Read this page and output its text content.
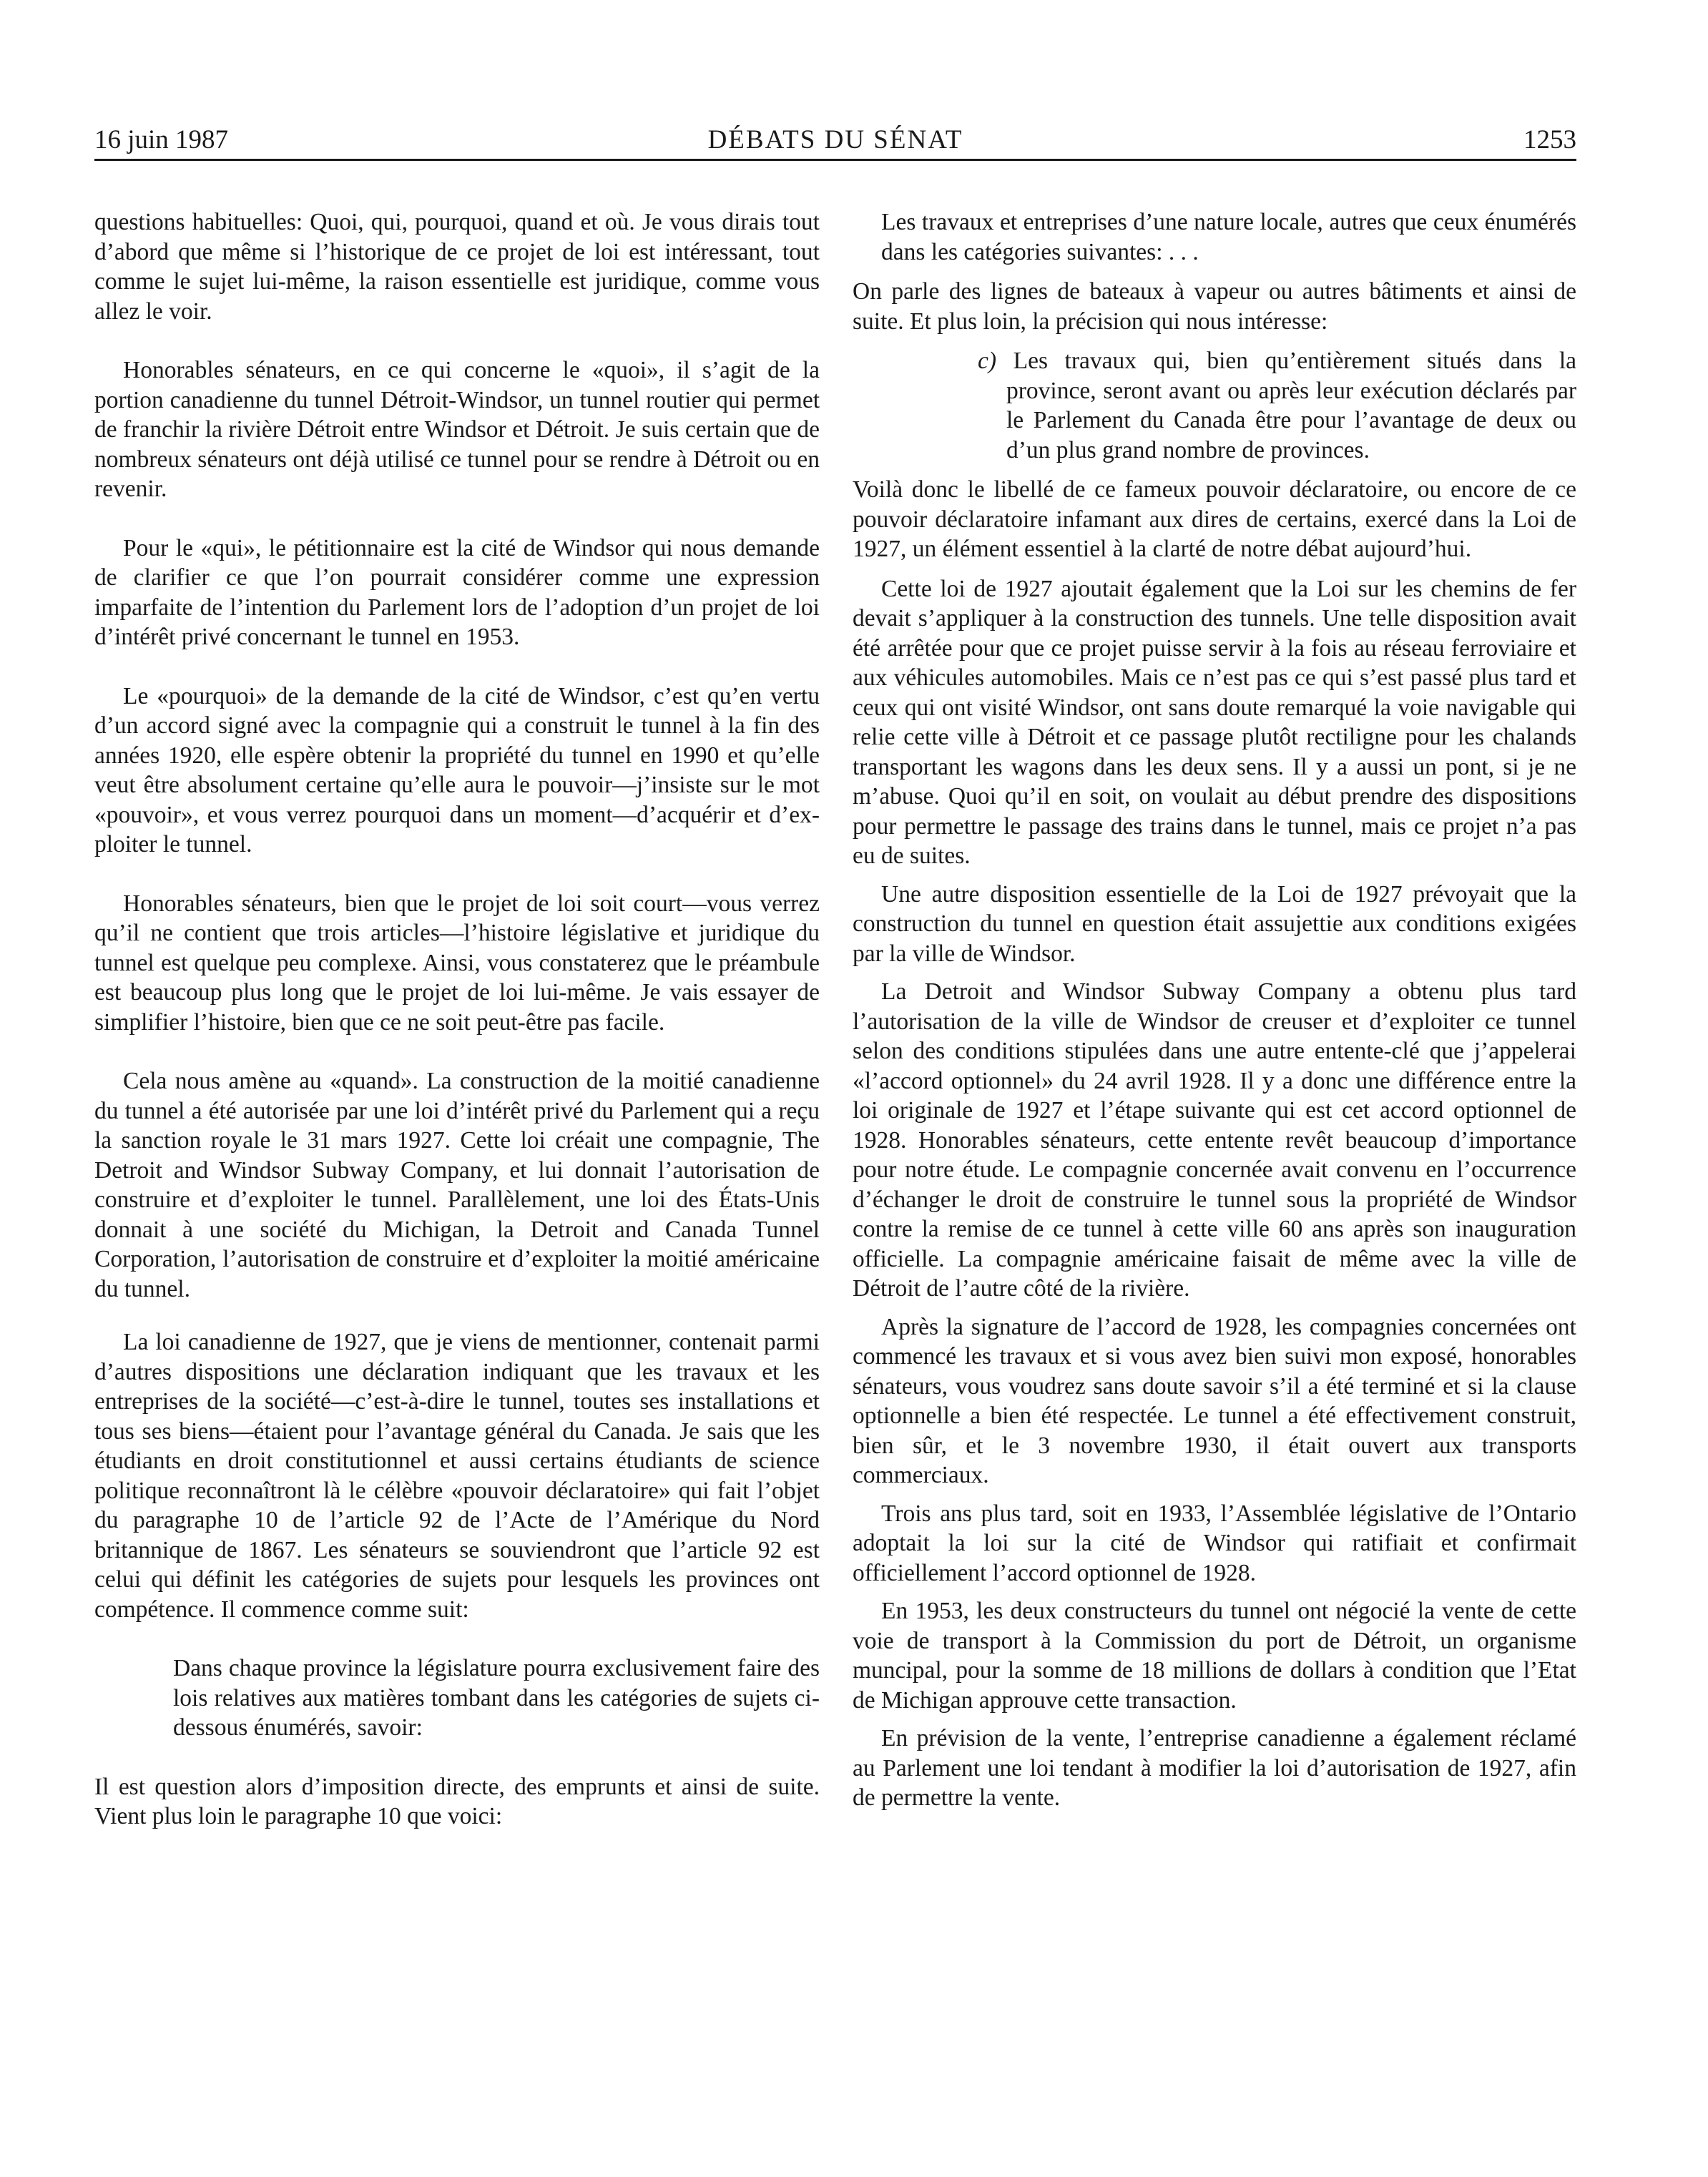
16 juin 1987	DÉBATS DU SÉNAT	1253

questions habituelles: Quoi, qui, pourquoi, quand et où. Je vous dirais tout d’abord que même si l’historique de ce projet de loi est intéressant, tout comme le sujet lui-même, la raison essentielle est juridique, comme vous allez le voir.

Honorables sénateurs, en ce qui concerne le «quoi», il s’agit de la portion canadienne du tunnel Détroit-Windsor, un tunnel routier qui permet de franchir la rivière Détroit entre Windsor et Détroit. Je suis certain que de nombreux sénateurs ont déjà utilisé ce tunnel pour se rendre à Détroit ou en revenir.

Pour le «qui», le pétitionnaire est la cité de Windsor qui nous demande de clarifier ce que l’on pourrait considérer comme une expression imparfaite de l’intention du Parlement lors de l’adoption d’un projet de loi d’intérêt privé concernant le tunnel en 1953.

Le «pourquoi» de la demande de la cité de Windsor, c’est qu’en vertu d’un accord signé avec la compagnie qui a construit le tunnel à la fin des années 1920, elle espère obtenir la propriété du tunnel en 1990 et qu’elle veut être absolument certaine qu’elle aura le pouvoir—j’insiste sur le mot «pouvoir», et vous verrez pourquoi dans un moment—d’acquérir et d’exploiter le tunnel.

Honorables sénateurs, bien que le projet de loi soit court—vous verrez qu’il ne contient que trois articles—l’histoire législative et juridique du tunnel est quelque peu complexe. Ainsi, vous constaterez que le préambule est beaucoup plus long que le projet de loi lui-même. Je vais essayer de simplifier l’histoire, bien que ce ne soit peut-être pas facile.

Cela nous amène au «quand». La construction de la moitié canadienne du tunnel a été autorisée par une loi d’intérêt privé du Parlement qui a reçu la sanction royale le 31 mars 1927. Cette loi créait une compagnie, The Detroit and Windsor Subway Company, et lui donnait l’autorisation de construire et d’exploiter le tunnel. Parallèlement, une loi des États-Unis donnait à une société du Michigan, la Detroit and Canada Tunnel Corporation, l’autorisation de construire et d’exploiter la moitié américaine du tunnel.

La loi canadienne de 1927, que je viens de mentionner, contenait parmi d’autres dispositions une déclaration indiquant que les travaux et les entreprises de la société—c’est-à-dire le tunnel, toutes ses installations et tous ses biens—étaient pour l’avantage général du Canada. Je sais que les étudiants en droit constitutionnel et aussi certains étudiants de science politique reconnaîtront là le célèbre «pouvoir déclaratoire» qui fait l’objet du paragraphe 10 de l’article 92 de l’Acte de l’Amérique du Nord britannique de 1867. Les sénateurs se souviendront que l’article 92 est celui qui définit les catégories de sujets pour lesquels les provinces ont compétence. Il commence comme suit:

Dans chaque province la législature pourra exclusivement faire des lois relatives aux matières tombant dans les catégories de sujets ci-dessous énumérés, savoir:

Il est question alors d’imposition directe, des emprunts et ainsi de suite. Vient plus loin le paragraphe 10 que voici:

Les travaux et entreprises d’une nature locale, autres que ceux énumérés dans les catégories suivantes: . . .

On parle des lignes de bateaux à vapeur ou autres bâtiments et ainsi de suite. Et plus loin, la précision qui nous intéresse:

c) Les travaux qui, bien qu’entièrement situés dans la province, seront avant ou après leur exécution déclarés par le Parlement du Canada être pour l’avantage de deux ou d’un plus grand nombre de provinces.

Voilà donc le libellé de ce fameux pouvoir déclaratoire, ou encore de ce pouvoir déclaratoire infamant aux dires de certains, exercé dans la Loi de 1927, un élément essentiel à la clarté de notre débat aujourd’hui.

Cette loi de 1927 ajoutait également que la Loi sur les chemins de fer devait s’appliquer à la construction des tunnels. Une telle disposition avait été arrêtée pour que ce projet puisse servir à la fois au réseau ferroviaire et aux véhicules automobiles. Mais ce n’est pas ce qui s’est passé plus tard et ceux qui ont visité Windsor, ont sans doute remarqué la voie navigable qui relie cette ville à Détroit et ce passage plutôt rectiligne pour les chalands transportant les wagons dans les deux sens. Il y a aussi un pont, si je ne m’abuse. Quoi qu’il en soit, on voulait au début prendre des dispositions pour permettre le passage des trains dans le tunnel, mais ce projet n’a pas eu de suites.

Une autre disposition essentielle de la Loi de 1927 prévoyait que la construction du tunnel en question était assujettie aux conditions exigées par la ville de Windsor.

La Detroit and Windsor Subway Company a obtenu plus tard l’autorisation de la ville de Windsor de creuser et d’exploiter ce tunnel selon des conditions stipulées dans une autre entente-clé que j’appelerai «l’accord optionnel» du 24 avril 1928. Il y a donc une différence entre la loi originale de 1927 et l’étape suivante qui est cet accord optionnel de 1928. Honorables sénateurs, cette entente revêt beaucoup d’importance pour notre étude. Le compagnie concernée avait convenu en l’occurrence d’échanger le droit de construire le tunnel sous la propriété de Windsor contre la remise de ce tunnel à cette ville 60 ans après son inauguration officielle. La compagnie américaine faisait de même avec la ville de Détroit de l’autre côté de la rivière.

Après la signature de l’accord de 1928, les compagnies concernées ont commencé les travaux et si vous avez bien suivi mon exposé, honorables sénateurs, vous voudrez sans doute savoir s’il a été terminé et si la clause optionnelle a bien été respectée. Le tunnel a été effectivement construit, bien sûr, et le 3 novembre 1930, il était ouvert aux transports commerciaux.

Trois ans plus tard, soit en 1933, l’Assemblée législative de l’Ontario adoptait la loi sur la cité de Windsor qui ratifiait et confirmait officiellement l’accord optionnel de 1928.

En 1953, les deux constructeurs du tunnel ont négocié la vente de cette voie de transport à la Commission du port de Détroit, un organisme muncipal, pour la somme de 18 millions de dollars à condition que l’Etat de Michigan approuve cette transaction.

En prévision de la vente, l’entreprise canadienne a également réclamé au Parlement une loi tendant à modifier la loi d’autorisation de 1927, afin de permettre la vente.
